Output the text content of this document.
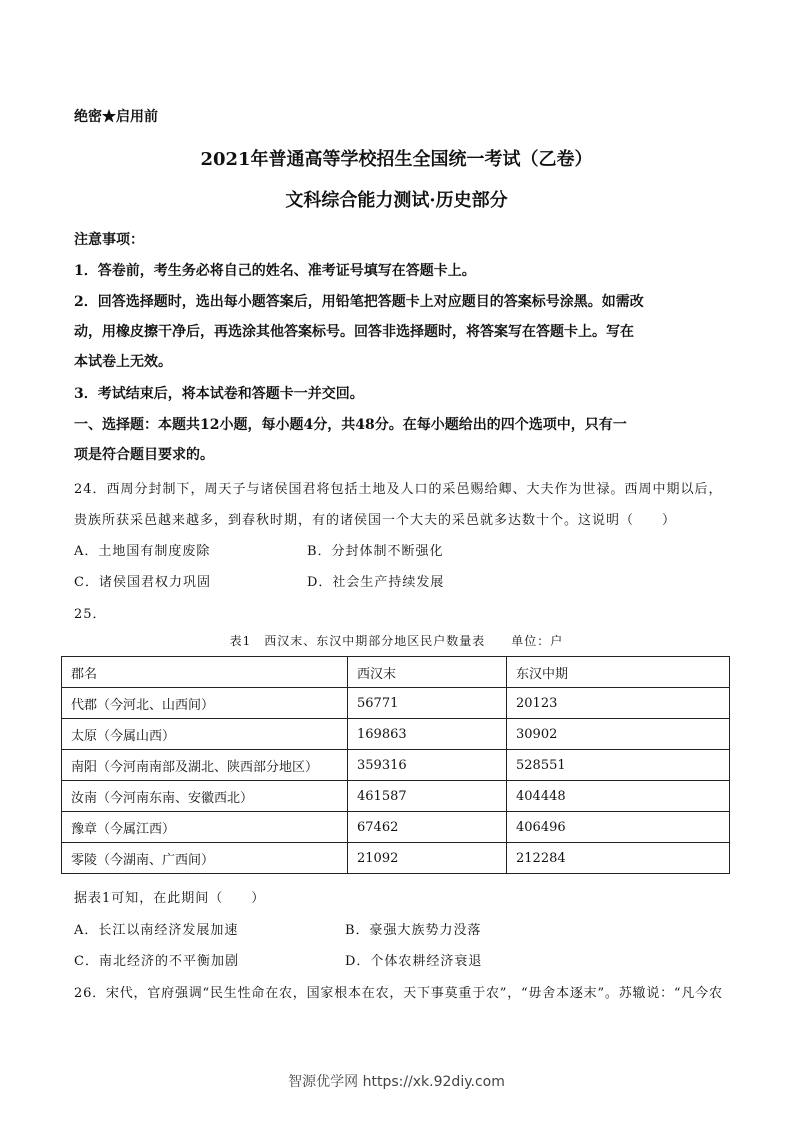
绝密★启用前
2021年普通高等学校招生全国统一考试（乙卷）
文科综合能力测试·历史部分
注意事项：
1．答卷前，考生务必将自己的姓名、准考证号填写在答题卡上。
2．回答选择题时，选出每小题答案后，用铅笔把答题卡上对应题目的答案标号涂黑。如需改
动，用橡皮擦干净后，再选涂其他答案标号。回答非选择题时，将答案写在答题卡上。写在
本试卷上无效。
3．考试结束后，将本试卷和答题卡一并交回。
一、选择题：本题共12小题，每小题4分，共48分。在每小题给出的四个选项中，只有一
项是符合题目要求的。
24．西周分封制下，周天子与诸侯国君将包括土地及人口的采邑赐给卿、大夫作为世禄。西周中期以后，
贵族所获采邑越来越多，到春秋时期，有的诸侯国一个大夫的采邑就多达数十个。这说明（　　）
A．土地国有制度废除	B．分封体制不断强化
C．诸侯国君权力巩固	D．社会生产持续发展
25．
表1　西汉末、东汉中期部分地区民户数量表　　单位：户
郡名	西汉末	东汉中期
代郡（今河北、山西间）	56771	20123
太原（今属山西）	169863	30902
南阳（今河南南部及湖北、陕西部分地区）	359316	528551
汝南（今河南东南、安徽西北）	461587	404448
豫章（今属江西）	67462	406496
零陵（今湖南、广西间）	21092	212284
据表1可知，在此期间（　　）
A．长江以南经济发展加速	B．豪强大族势力没落
C．南北经济的不平衡加剧	D．个体农耕经济衰退
26．宋代，官府强调“民生性命在农，国家根本在农，天下事莫重于农”，“毋舍本逐末”。苏辙说：“凡今农
智源优学网 https://xk.92diy.com
